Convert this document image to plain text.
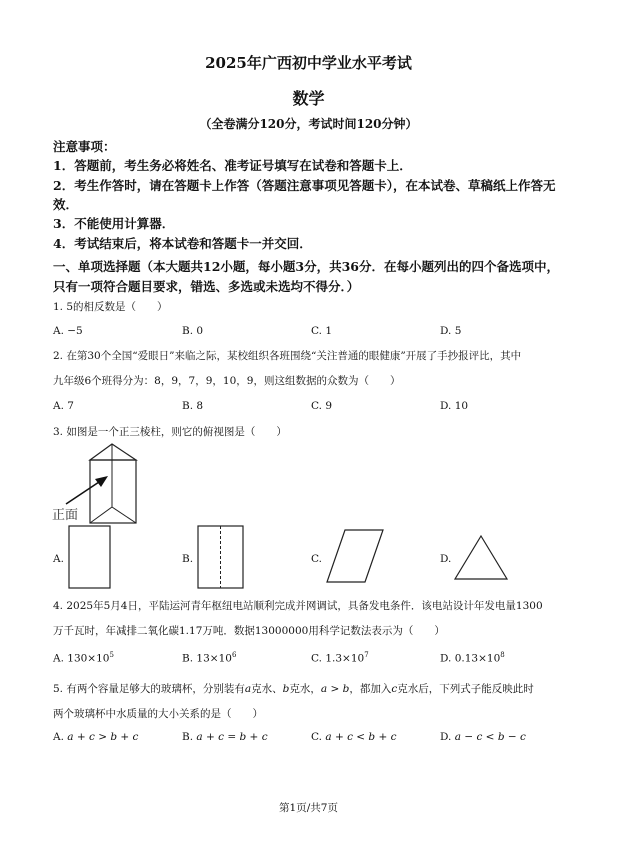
2025年广西初中学业水平考试
数学
（全卷满分120分，考试时间120分钟）
注意事项：
1．答题前，考生务必将姓名、准考证号填写在试卷和答题卡上．
2．考生作答时，请在答题卡上作答（答题注意事项见答题卡），在本试卷、草稿纸上作答无
效．
3．不能使用计算器．
4．考试结束后，将本试卷和答题卡一并交回．
一、单项选择题（本大题共12小题，每小题3分，共36分．在每小题列出的四个备选项中，
只有一项符合题目要求，错选、多选或未选均不得分．）
1. 5的相反数是（　　）
A. −5	B. 0	C. 1	D. 5
2. 在第30个全国“爱眼日”来临之际，某校组织各班围绕“关注普通的眼健康”开展了手抄报评比，其中
九年级6个班得分为：8，9，7，9，10，9，则这组数据的众数为（　　）
A. 7	B. 8	C. 9	D. 10
3. 如图是一个正三棱柱，则它的俯视图是（　　）
正面
A.	B.	C.	D.
4. 2025年5月4日，平陆运河青年枢纽电站顺利完成并网调试，具备发电条件．该电站设计年发电量1300
万千瓦时，年减排二氧化碳1.17万吨．数据13000000用科学记数法表示为（　　）
A. $130\times 10^5$	B. $13\times 10^6$	C. $1.3\times 10^7$	D. $0.13\times 10^8$
5. 有两个容量足够大的玻璃杯，分别装有a克水、b克水，a > b，都加入c克水后，下列式子能反映此时
两个玻璃杯中水质量的大小关系的是（　　）
A. a + c > b + c	B. a + c = b + c	C. a + c < b + c	D. a − c < b − c
第1页/共7页
